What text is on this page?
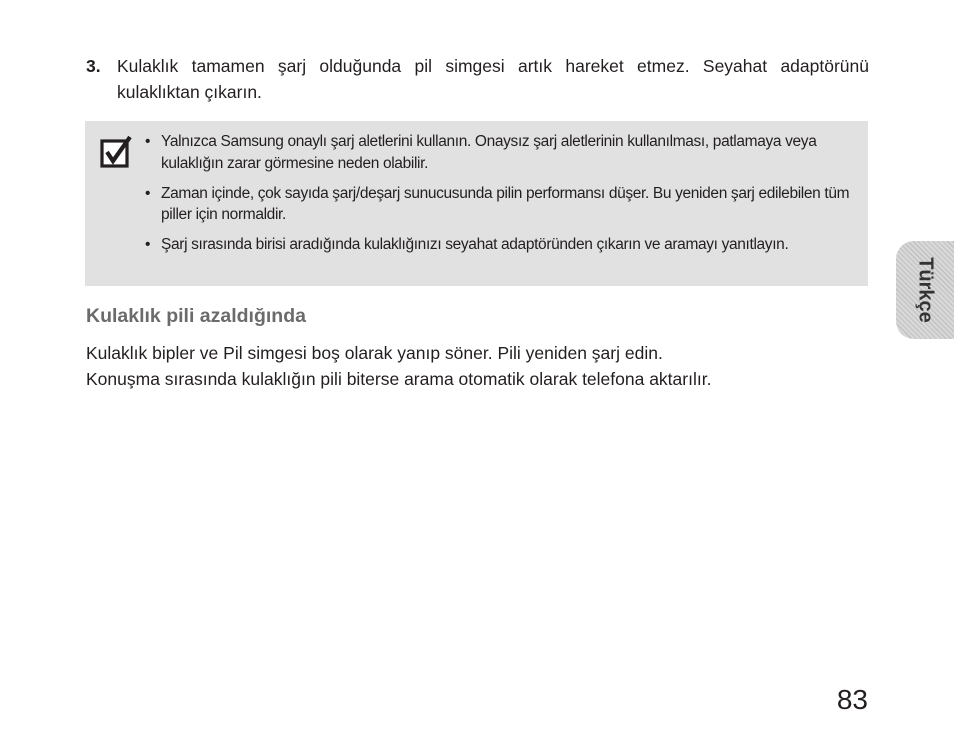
3. Kulaklık tamamen şarj olduğunda pil simgesi artık hareket etmez. Seyahat adaptörünü kulaklıktan çıkarın.
• Yalnızca Samsung onaylı şarj aletlerini kullanın. Onaysız şarj aletlerinin kullanılması, patlamaya veya kulaklığın zarar görmesine neden olabilir.
• Zaman içinde, çok sayıda şarj/deşarj sunucusunda pilin performansı düşer. Bu yeniden şarj edilebilen tüm piller için normaldir.
• Şarj sırasında birisi aradığında kulaklığınızı seyahat adaptöründen çıkarın ve aramayı yanıtlayın.
Kulaklık pili azaldığında

Kulaklık bipler ve Pil simgesi boş olarak yanıp söner. Pili yeniden şarj edin.

Konuşma sırasında kulaklığın pili biterse arama otomatik olarak telefona aktarılır.

Türkçe
83
